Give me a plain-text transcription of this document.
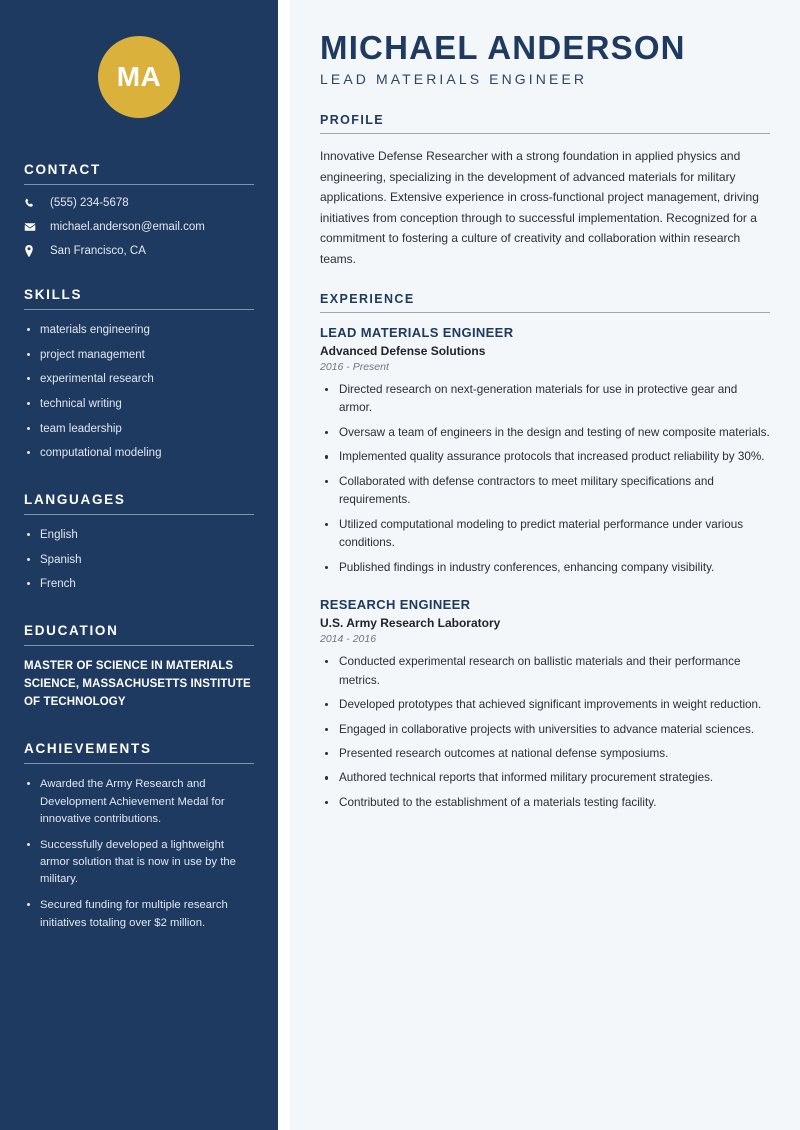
MA
CONTACT
(555) 234-5678
michael.anderson@email.com
San Francisco, CA
SKILLS
materials engineering
project management
experimental research
technical writing
team leadership
computational modeling
LANGUAGES
English
Spanish
French
EDUCATION
MASTER OF SCIENCE IN MATERIALS SCIENCE, MASSACHUSETTS INSTITUTE OF TECHNOLOGY
ACHIEVEMENTS
Awarded the Army Research and Development Achievement Medal for innovative contributions.
Successfully developed a lightweight armor solution that is now in use by the military.
Secured funding for multiple research initiatives totaling over $2 million.
MICHAEL ANDERSON
LEAD MATERIALS ENGINEER
PROFILE

Innovative Defense Researcher with a strong foundation in applied physics and engineering, specializing in the development of advanced materials for military applications. Extensive experience in cross-functional project management, driving initiatives from conception through to successful implementation. Recognized for a commitment to fostering a culture of creativity and collaboration within research teams.

EXPERIENCE
LEAD MATERIALS ENGINEER
Advanced Defense Solutions
2016 - Present
Directed research on next-generation materials for use in protective gear and armor.
Oversaw a team of engineers in the design and testing of new composite materials.
Implemented quality assurance protocols that increased product reliability by 30%.
Collaborated with defense contractors to meet military specifications and requirements.
Utilized computational modeling to predict material performance under various conditions.
Published findings in industry conferences, enhancing company visibility.
RESEARCH ENGINEER
U.S. Army Research Laboratory
2014 - 2016
Conducted experimental research on ballistic materials and their performance metrics.
Developed prototypes that achieved significant improvements in weight reduction.
Engaged in collaborative projects with universities to advance material sciences.
Presented research outcomes at national defense symposiums.
Authored technical reports that informed military procurement strategies.
Contributed to the establishment of a materials testing facility.
